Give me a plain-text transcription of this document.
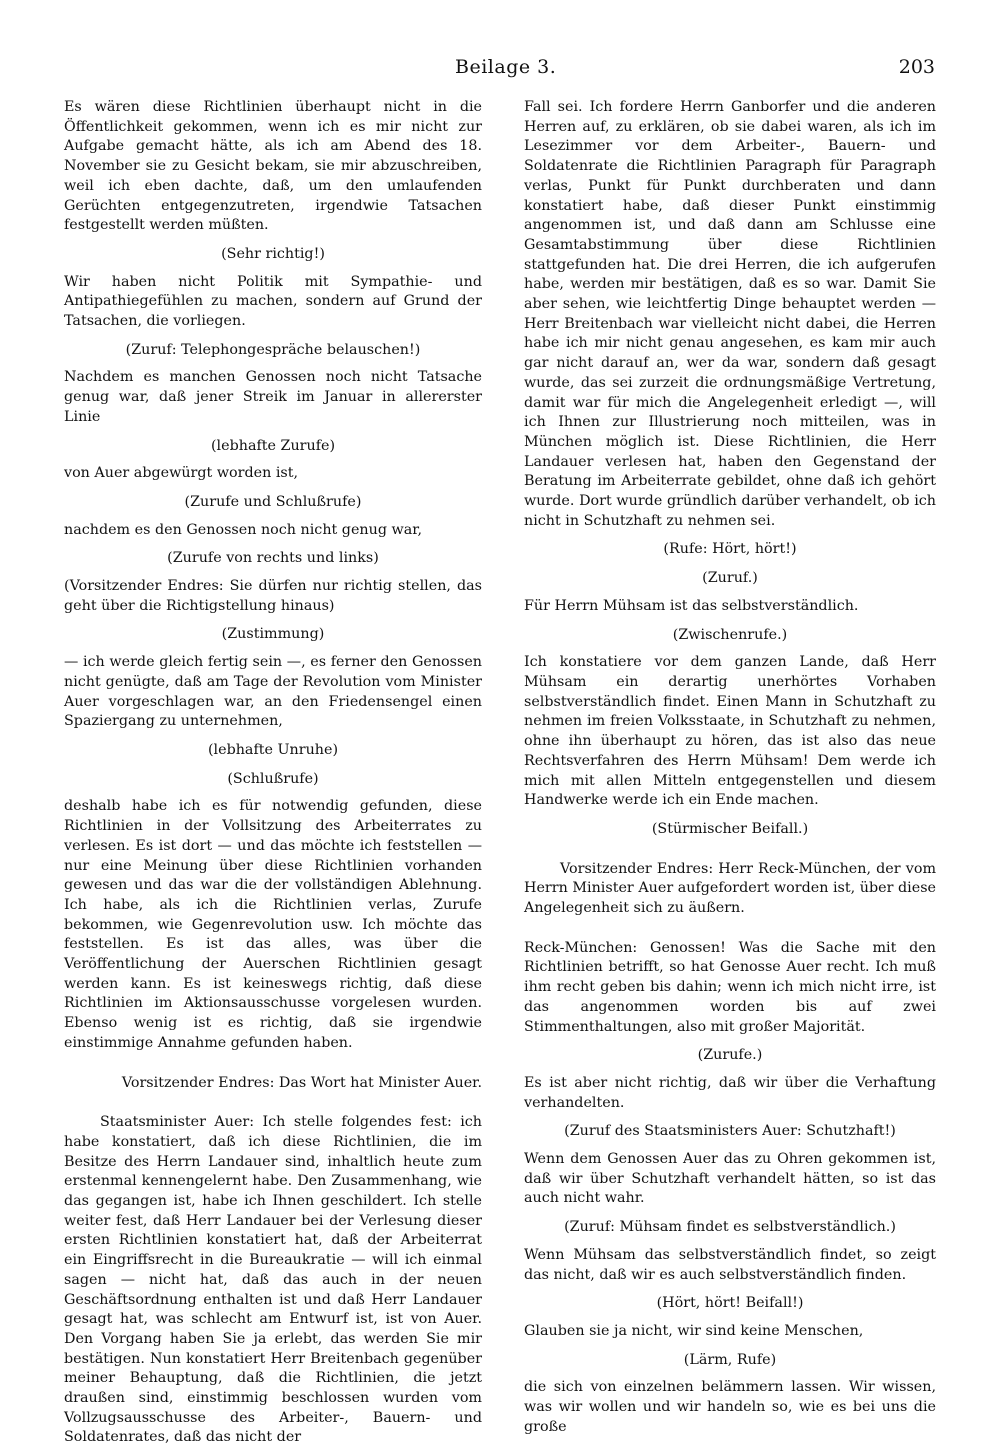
Beilage 3.	203

Es wären diese Richtlinien überhaupt nicht in die Öffentlichkeit gekommen, wenn ich es mir nicht zur Aufgabe gemacht hätte, als ich am Abend des 18. November sie zu Gesicht bekam, sie mir abzuschreiben, weil ich eben dachte, daß, um den umlaufenden Gerüchten entgegenzutreten, irgendwie Tatsachen festgestellt werden müßten.

(Sehr richtig!)

Wir haben nicht Politik mit Sympathie- und Antipathiegefühlen zu machen, sondern auf Grund der Tatsachen, die vorliegen.

(Zuruf: Telephongespräche belauschen!)

Nachdem es manchen Genossen noch nicht Tatsache genug war, daß jener Streik im Januar in allererster Linie

(lebhafte Zurufe)

von Auer abgewürgt worden ist,

(Zurufe und Schlußrufe)

nachdem es den Genossen noch nicht genug war,

(Zurufe von rechts und links)

(Vorsitzender Endres: Sie dürfen nur richtig stellen, das geht über die Richtigstellung hinaus)

(Zustimmung)

— ich werde gleich fertig sein —, es ferner den Genossen nicht genügte, daß am Tage der Revolution vom Minister Auer vorgeschlagen war, an den Friedensengel einen Spaziergang zu unternehmen,

(lebhafte Unruhe)

(Schlußrufe)

deshalb habe ich es für notwendig gefunden, diese Richtlinien in der Vollsitzung des Arbeiterrates zu verlesen. Es ist dort — und das möchte ich feststellen — nur eine Meinung über diese Richtlinien vorhanden gewesen und das war die der vollständigen Ablehnung. Ich habe, als ich die Richtlinien verlas, Zurufe bekommen, wie Gegenrevolution usw. Ich möchte das feststellen. Es ist das alles, was über die Veröffentlichung der Auerschen Richtlinien gesagt werden kann. Es ist keineswegs richtig, daß diese Richtlinien im Aktionsausschusse vorgelesen wurden. Ebenso wenig ist es richtig, daß sie irgendwie einstimmige Annahme gefunden haben.

Vorsitzender Endres: Das Wort hat Minister Auer.

Staatsminister Auer: Ich stelle folgendes fest: ich habe konstatiert, daß ich diese Richtlinien, die im Besitze des Herrn Landauer sind, inhaltlich heute zum erstenmal kennengelernt habe. Den Zusammenhang, wie das gegangen ist, habe ich Ihnen geschildert. Ich stelle weiter fest, daß Herr Landauer bei der Verlesung dieser ersten Richtlinien konstatiert hat, daß der Arbeiterrat ein Eingriffsrecht in die Bureaukratie — will ich einmal sagen — nicht hat, daß das auch in der neuen Geschäftsordnung enthalten ist und daß Herr Landauer gesagt hat, was schlecht am Entwurf ist, ist von Auer. Den Vorgang haben Sie ja erlebt, das werden Sie mir bestätigen. Nun konstatiert Herr Breitenbach gegenüber meiner Behauptung, daß die Richtlinien, die jetzt draußen sind, einstimmig beschlossen wurden vom Vollzugsausschusse des Arbeiter-, Bauern- und Soldatenrates, daß das nicht der

Fall sei. Ich fordere Herrn Ganborfer und die anderen Herren auf, zu erklären, ob sie dabei waren, als ich im Lesezimmer vor dem Arbeiter-, Bauern- und Soldatenrate die Richtlinien Paragraph für Paragraph verlas, Punkt für Punkt durchberaten und dann konstatiert habe, daß dieser Punkt einstimmig angenommen ist, und daß dann am Schlusse eine Gesamtabstimmung über diese Richtlinien stattgefunden hat. Die drei Herren, die ich aufgerufen habe, werden mir bestätigen, daß es so war. Damit Sie aber sehen, wie leichtfertig Dinge behauptet werden — Herr Breitenbach war vielleicht nicht dabei, die Herren habe ich mir nicht genau angesehen, es kam mir auch gar nicht darauf an, wer da war, sondern daß gesagt wurde, das sei zurzeit die ordnungsmäßige Vertretung, damit war für mich die Angelegenheit erledigt —, will ich Ihnen zur Illustrierung noch mitteilen, was in München möglich ist. Diese Richtlinien, die Herr Landauer verlesen hat, haben den Gegenstand der Beratung im Arbeiterrate gebildet, ohne daß ich gehört wurde. Dort wurde gründlich darüber verhandelt, ob ich nicht in Schutzhaft zu nehmen sei.

(Rufe: Hört, hört!)

(Zuruf.)

Für Herrn Mühsam ist das selbstverständlich.

(Zwischenrufe.)

Ich konstatiere vor dem ganzen Lande, daß Herr Mühsam ein derartig unerhörtes Vorhaben selbstverständlich findet. Einen Mann in Schutzhaft zu nehmen im freien Volksstaate, in Schutzhaft zu nehmen, ohne ihn überhaupt zu hören, das ist also das neue Rechtsverfahren des Herrn Mühsam! Dem werde ich mich mit allen Mitteln entgegenstellen und diesem Handwerke werde ich ein Ende machen.

(Stürmischer Beifall.)

Vorsitzender Endres: Herr Reck-München, der vom Herrn Minister Auer aufgefordert worden ist, über diese Angelegenheit sich zu äußern.

Reck-München: Genossen! Was die Sache mit den Richtlinien betrifft, so hat Genosse Auer recht. Ich muß ihm recht geben bis dahin; wenn ich mich nicht irre, ist das angenommen worden bis auf zwei Stimmenthaltungen, also mit großer Majorität.

(Zurufe.)

Es ist aber nicht richtig, daß wir über die Verhaftung verhandelten.

(Zuruf des Staatsministers Auer: Schutzhaft!)

Wenn dem Genossen Auer das zu Ohren gekommen ist, daß wir über Schutzhaft verhandelt hätten, so ist das auch nicht wahr.

(Zuruf: Mühsam findet es selbstverständlich.)

Wenn Mühsam das selbstverständlich findet, so zeigt das nicht, daß wir es auch selbstverständlich finden.

(Hört, hört! Beifall!)

Glauben sie ja nicht, wir sind keine Menschen,

(Lärm, Rufe)

die sich von einzelnen belämmern lassen. Wir wissen, was wir wollen und wir handeln so, wie es bei uns die große
